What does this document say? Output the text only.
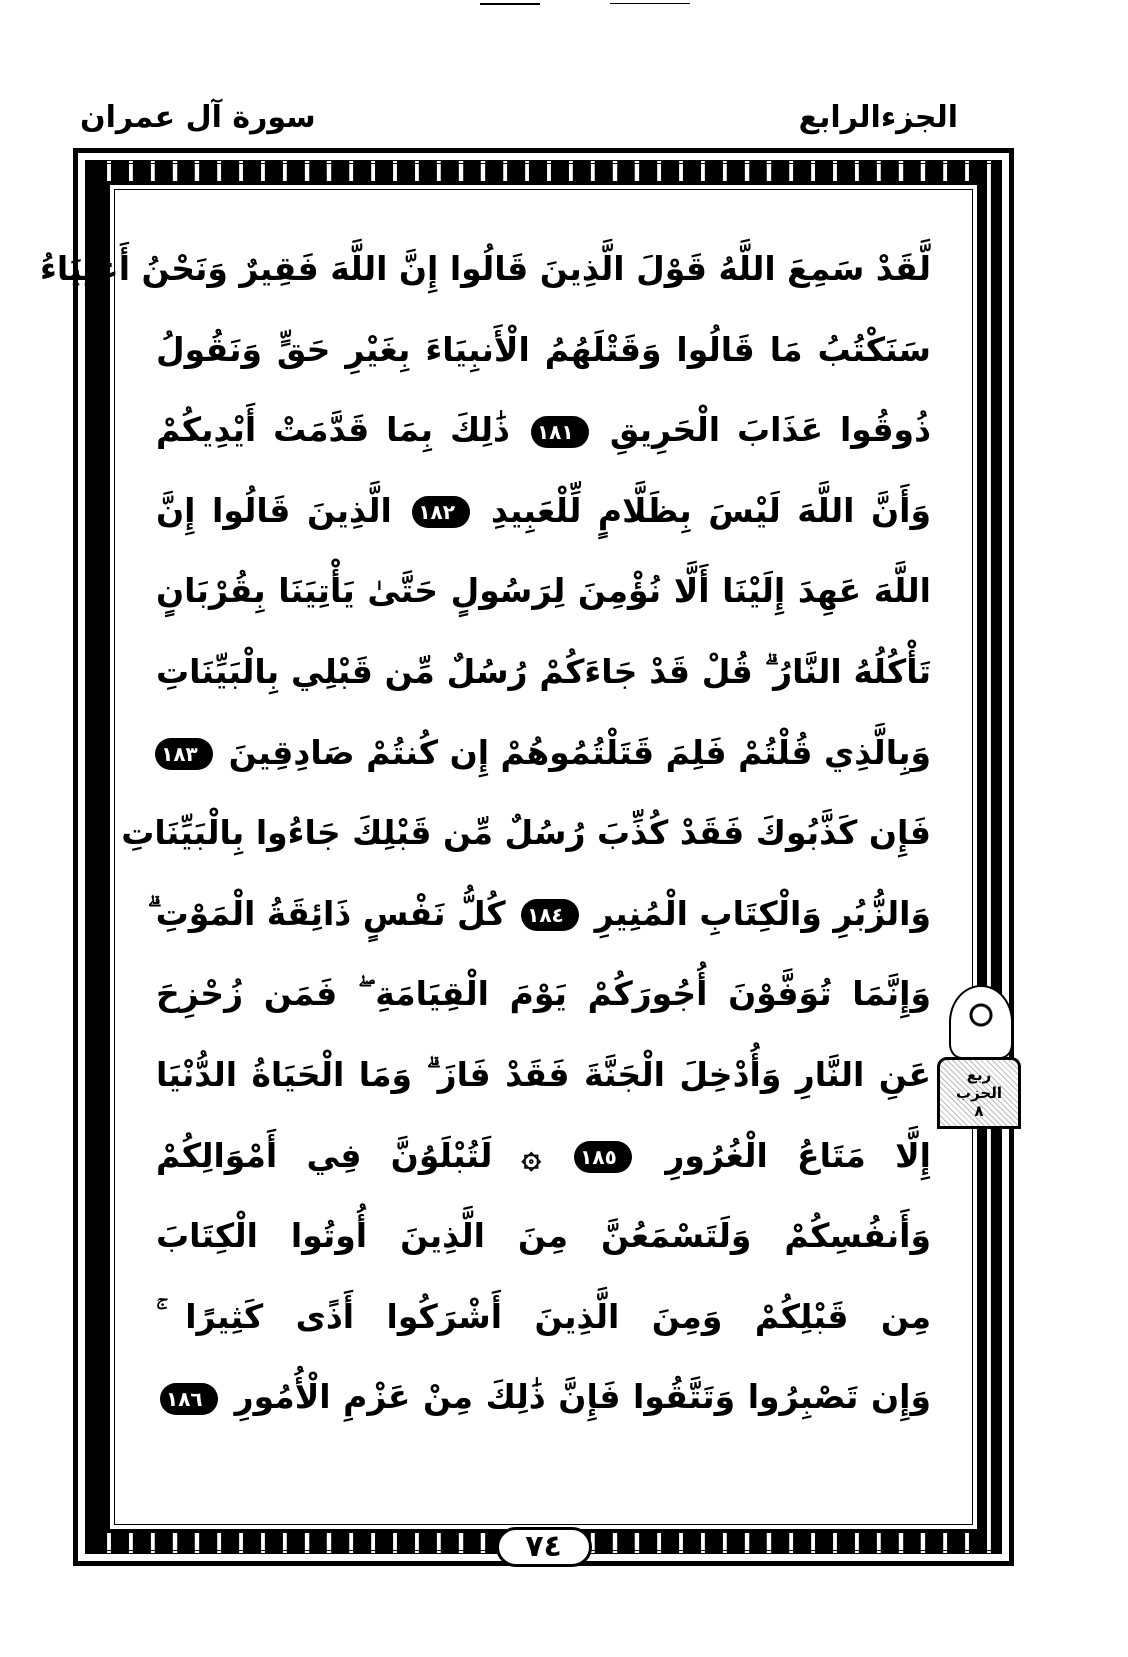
الجزءالرابع
سورة آل عمران
لَّقَدْ سَمِعَ اللَّهُ قَوْلَ الَّذِينَ قَالُوا إِنَّ اللَّهَ فَقِيرٌ وَنَحْنُ أَغْنِيَاءُ
سَنَكْتُبُ مَا قَالُوا وَقَتْلَهُمُ الْأَنبِيَاءَ بِغَيْرِ حَقٍّ وَنَقُولُ
ذُوقُوا عَذَابَ الْحَرِيقِ ١٨١ ذَٰلِكَ بِمَا قَدَّمَتْ أَيْدِيكُمْ
وَأَنَّ اللَّهَ لَيْسَ بِظَلَّامٍ لِّلْعَبِيدِ ١٨٢ الَّذِينَ قَالُوا إِنَّ
اللَّهَ عَهِدَ إِلَيْنَا أَلَّا نُؤْمِنَ لِرَسُولٍ حَتَّىٰ يَأْتِيَنَا بِقُرْبَانٍ
تَأْكُلُهُ النَّارُ ۗ قُلْ قَدْ جَاءَكُمْ رُسُلٌ مِّن قَبْلِي بِالْبَيِّنَاتِ
وَبِالَّذِي قُلْتُمْ فَلِمَ قَتَلْتُمُوهُمْ إِن كُنتُمْ صَادِقِينَ ١٨٣
فَإِن كَذَّبُوكَ فَقَدْ كُذِّبَ رُسُلٌ مِّن قَبْلِكَ جَاءُوا بِالْبَيِّنَاتِ
وَالزُّبُرِ وَالْكِتَابِ الْمُنِيرِ ١٨٤ كُلُّ نَفْسٍ ذَائِقَةُ الْمَوْتِ ۗ
وَإِنَّمَا تُوَفَّوْنَ أُجُورَكُمْ يَوْمَ الْقِيَامَةِ ۖ فَمَن زُحْزِحَ
عَنِ النَّارِ وَأُدْخِلَ الْجَنَّةَ فَقَدْ فَازَ ۗ وَمَا الْحَيَاةُ الدُّنْيَا
إِلَّا مَتَاعُ الْغُرُورِ ١٨٥ ۞ لَتُبْلَوُنَّ فِي أَمْوَالِكُمْ
وَأَنفُسِكُمْ وَلَتَسْمَعُنَّ مِنَ الَّذِينَ أُوتُوا الْكِتَابَ
مِن قَبْلِكُمْ وَمِنَ الَّذِينَ أَشْرَكُوا أَذًى كَثِيرًا ۚ
وَإِن تَصْبِرُوا وَتَتَّقُوا فَإِنَّ ذَٰلِكَ مِنْ عَزْمِ الْأُمُورِ ١٨٦
٧٤
ربع
الحزب
٨
